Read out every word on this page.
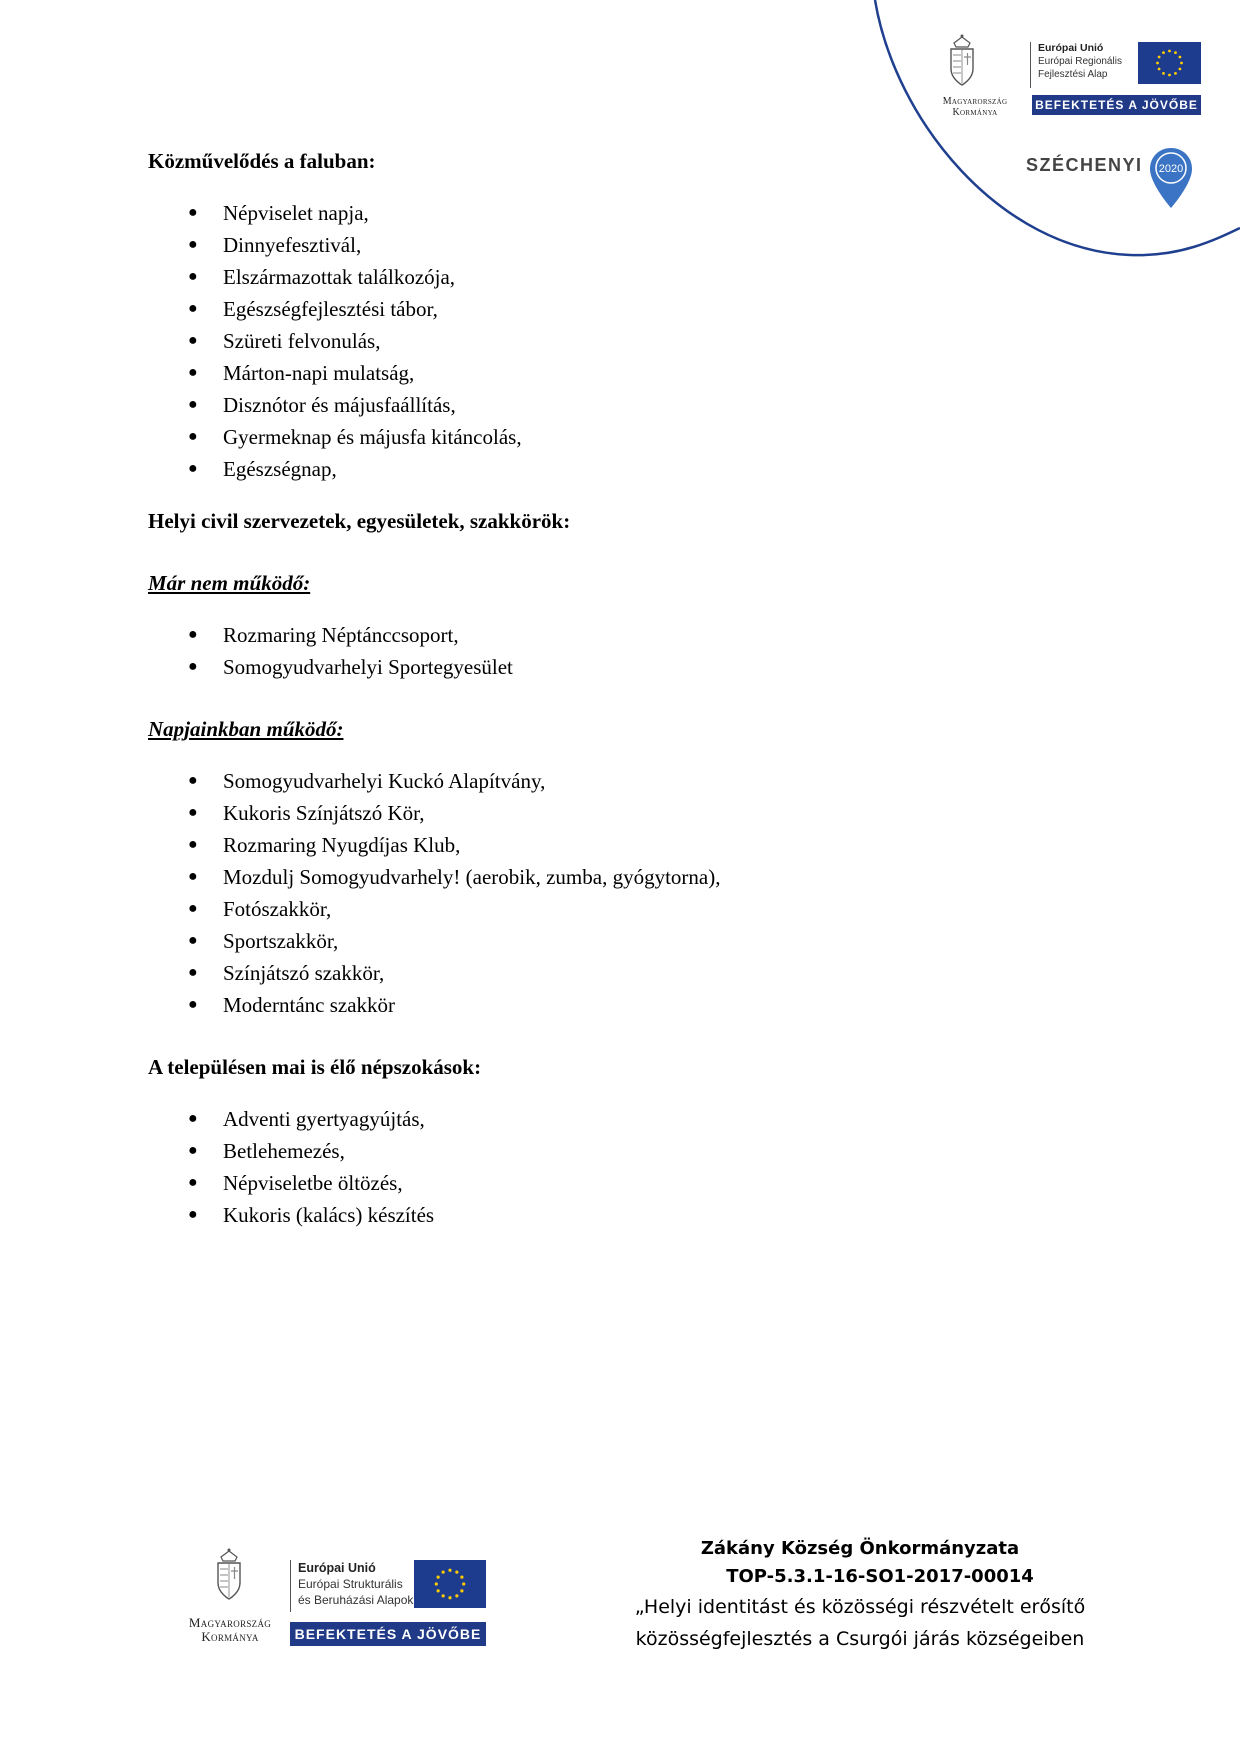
Magyarország
Kormánya
Európai Unió
Európai Regionális
Fejlesztési Alap
BEFEKTETÉS A JÖVŐBE
SZÉCHENYI 2020

Közművelődés a faluban:

● Népviselet napja,
● Dinnyefesztivál,
● Elszármazottak találkozója,
● Egészségfejlesztési tábor,
● Szüreti felvonulás,
● Márton-napi mulatság,
● Disznótor és májusfaállítás,
● Gyermeknap és májusfa kitáncolás,
● Egészségnap,

Helyi civil szervezetek, egyesületek, szakkörök:

Már nem működő:

● Rozmaring Néptánccsoport,
● Somogyudvarhelyi Sportegyesület

Napjainkban működő:

● Somogyudvarhelyi Kuckó Alapítvány,
● Kukoris Színjátszó Kör,
● Rozmaring Nyugdíjas Klub,
● Mozdulj Somogyudvarhely! (aerobik, zumba, gyógytorna),
● Fotószakkör,
● Sportszakkör,
● Színjátszó szakkör,
● Moderntánc szakkör

A településen mai is élő népszokások:

● Adventi gyertyagyújtás,
● Betlehemezés,
● Népviseletbe öltözés,
● Kukoris (kalács) készítés
Magyarország
Kormánya
Európai Unió
Európai Strukturális
és Beruházási Alapok
BEFEKTETÉS A JÖVŐBE
Zákány Község Önkormányzata
TOP-5.3.1-16-SO1-2017-00014
„Helyi identitást és közösségi részvételt erősítő
közösségfejlesztés a Csurgói járás községeiben
